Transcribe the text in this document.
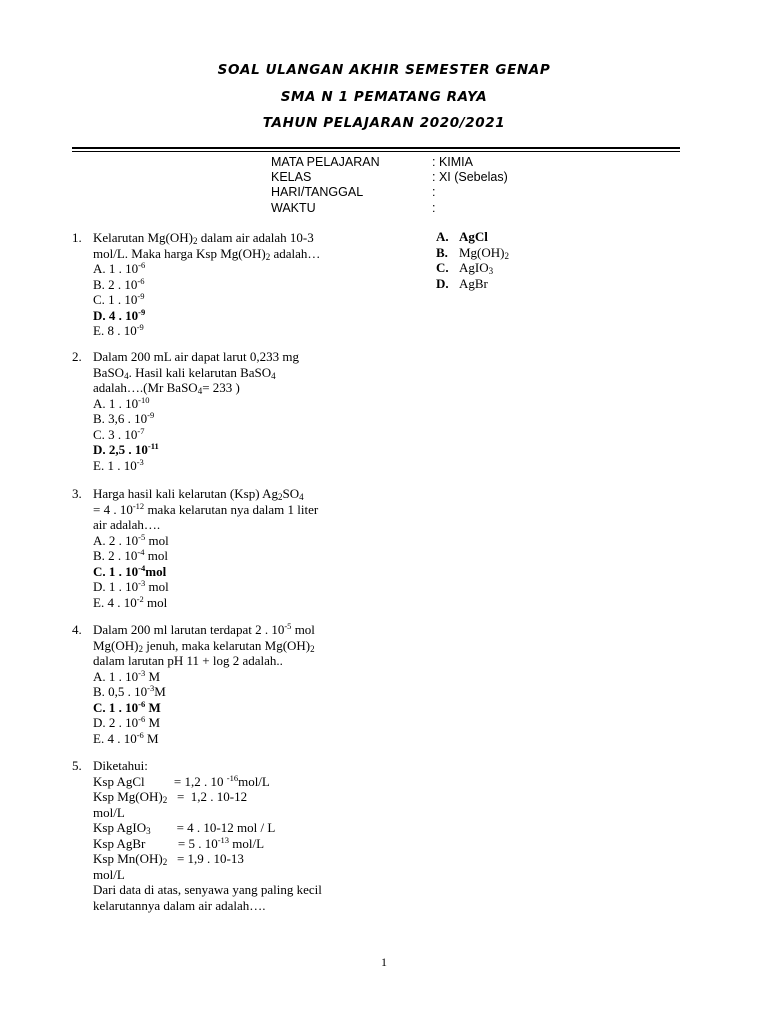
SOAL ULANGAN AKHIR SEMESTER GENAP
SMA N 1 PEMATANG RAYA
TAHUN PELAJARAN 2020/2021
MATA PELAJARAN	: KIMIA
KELAS	: XI (Sebelas)
HARI/TANGGAL	:
WAKTU	:
1. Kelarutan $Mg(OH)_2$ dalam air adalah 10-3
mol/L. Maka harga Ksp $Mg(OH)_2$ adalah…
A. 1 . $10^{-6}$
B. 2 . $10^{-6}$
C. 1 . $10^{-9}$
D. 4 . $10^{-9}$
E. 8 . $10^{-9}$
2. Dalam 200 mL air dapat larut 0,233 mg
BaSO$_4$. Hasil kali kelarutan BaSO$_4$
adalah….(Mr BaSO$_4$= 233 )
A. 1 . $10^{-10}$
B. 3,6 . $10^{-9}$
C. 3 . $10^{-7}$
D. 2,5 . $10^{-11}$
E. 1 . $10^{-3}$
3. Harga hasil kali kelarutan (Ksp) $Ag_2SO_4$
= 4 . $10^{-12}$ maka kelarutan nya dalam 1 liter
air adalah….
A. 2 . $10^{-5}$ mol
B. 2 . $10^{-4}$ mol
C. 1 . $10^{-4}mol$
D. 1 . $10^{-3}$ mol
E. 4 . $10^{-2}$ mol
4. Dalam 200 ml larutan terdapat 2 . $10^{-5}$ mol
$Mg(OH)_2$ jenuh, maka kelarutan $Mg(OH)_2$
dalam larutan pH 11 + log 2 adalah..
A. 1 . $10^{-3}$ M
B. 0,5 . $10^{-3}M$
C. 1 . $10^{-6}$ M
D. 2 . $10^{-6}$ M
E. 4 . $10^{-6}$ M
5. Diketahui:
Ksp AgCl         = 1,2 . 10 $^{-16}$mol/L
Ksp $Mg(OH)_2 = 1,2$ . 10-12
mol/L
Ksp AgIO$_3$        = 4 . 10-12 mol / L
Ksp AgBr          = 5 . $10^{-13}$ mol/L
Ksp $Mn(OH)_2 = 1,9$ . 10-13
mol/L
Dari data di atas, senyawa yang paling kecil
kelarutannya dalam air adalah….
A. AgCl
B. $Mg(OH)_2$
C. AgIO$_3$
D. AgBr
1
